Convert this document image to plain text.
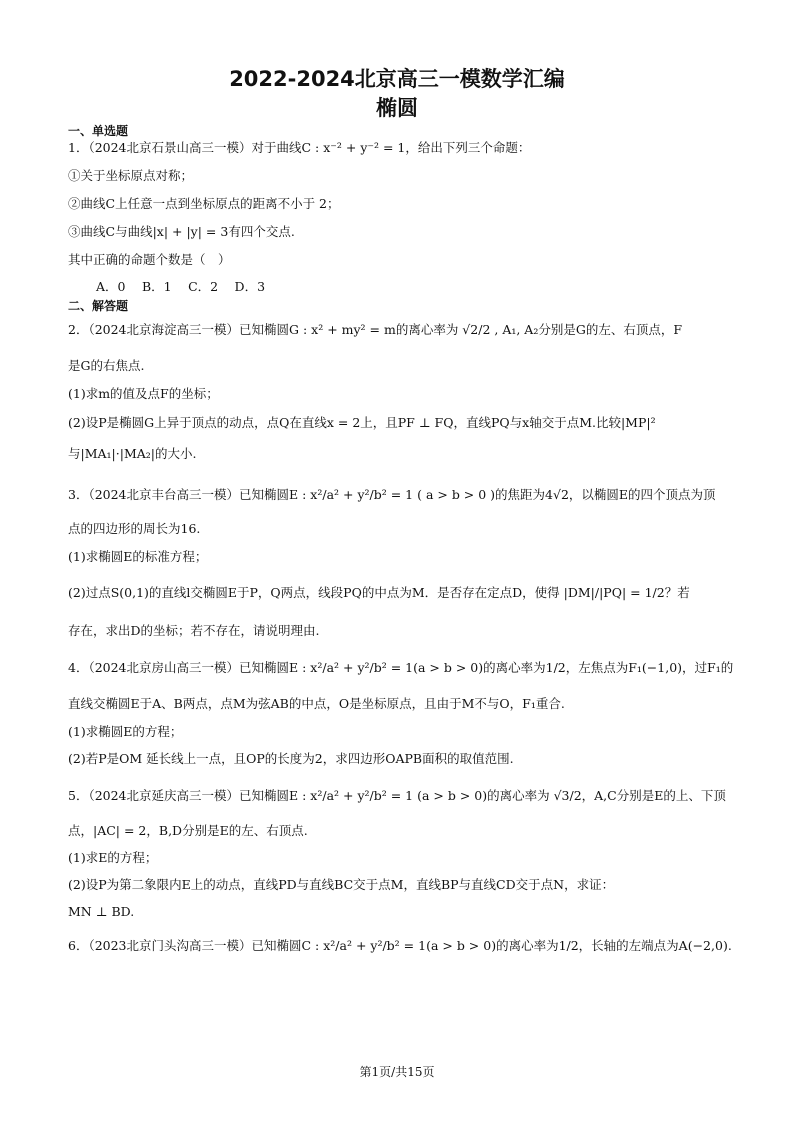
2022-2024北京高三一模数学汇编
椭圆
一、单选题
1．（2024北京石景山高三一模）对于曲线C : x⁻² + y⁻² = 1，给出下列三个命题：
①关于坐标原点对称；
②曲线C上任意一点到坐标原点的距离不小于 2；
③曲线C与曲线|x| + |y| = 3有四个交点.
其中正确的命题个数是（　）
A．0　 B．1　 C．2　 D．3
二、解答题
2．（2024北京海淀高三一模）已知椭圆G : x² + my² = m的离心率为 √2/2 , A₁, A₂分别是G的左、右顶点，F
是G的右焦点.
(1)求m的值及点F的坐标；
(2)设P是椭圆G上异于顶点的动点，点Q在直线x = 2上，且PF ⊥ FQ，直线PQ与x轴交于点M.比较|MP|²
与|MA₁|·|MA₂|的大小.
3．（2024北京丰台高三一模）已知椭圆E : x²/a² + y²/b² = 1 ( a > b > 0 )的焦距为4√2，以椭圆E的四个顶点为顶
点的四边形的周长为16.
(1)求椭圆E的标准方程；
(2)过点S(0,1)的直线l交椭圆E于P，Q两点，线段PQ的中点为M．是否存在定点D，使得 |DM|/|PQ| = 1/2？若
存在，求出D的坐标；若不存在，请说明理由.
4．（2024北京房山高三一模）已知椭圆E : x²/a² + y²/b² = 1(a > b > 0)的离心率为1/2，左焦点为F₁(−1,0)，过F₁的
直线交椭圆E于A、B两点，点M为弦AB的中点，O是坐标原点，且由于M不与O，F₁重合.
(1)求椭圆E的方程；
(2)若P是OM 延长线上一点，且OP的长度为2，求四边形OAPB面积的取值范围.
5．（2024北京延庆高三一模）已知椭圆E : x²/a² + y²/b² = 1 (a > b > 0)的离心率为 √3/2，A,C分别是E的上、下顶
点，|AC| = 2，B,D分别是E的左、右顶点.
(1)求E的方程；
(2)设P为第二象限内E上的动点，直线PD与直线BC交于点M，直线BP与直线CD交于点N，求证：
MN ⊥ BD.
6．（2023北京门头沟高三一模）已知椭圆C : x²/a² + y²/b² = 1(a > b > 0)的离心率为1/2，长轴的左端点为A(−2,0).
第1页/共15页
